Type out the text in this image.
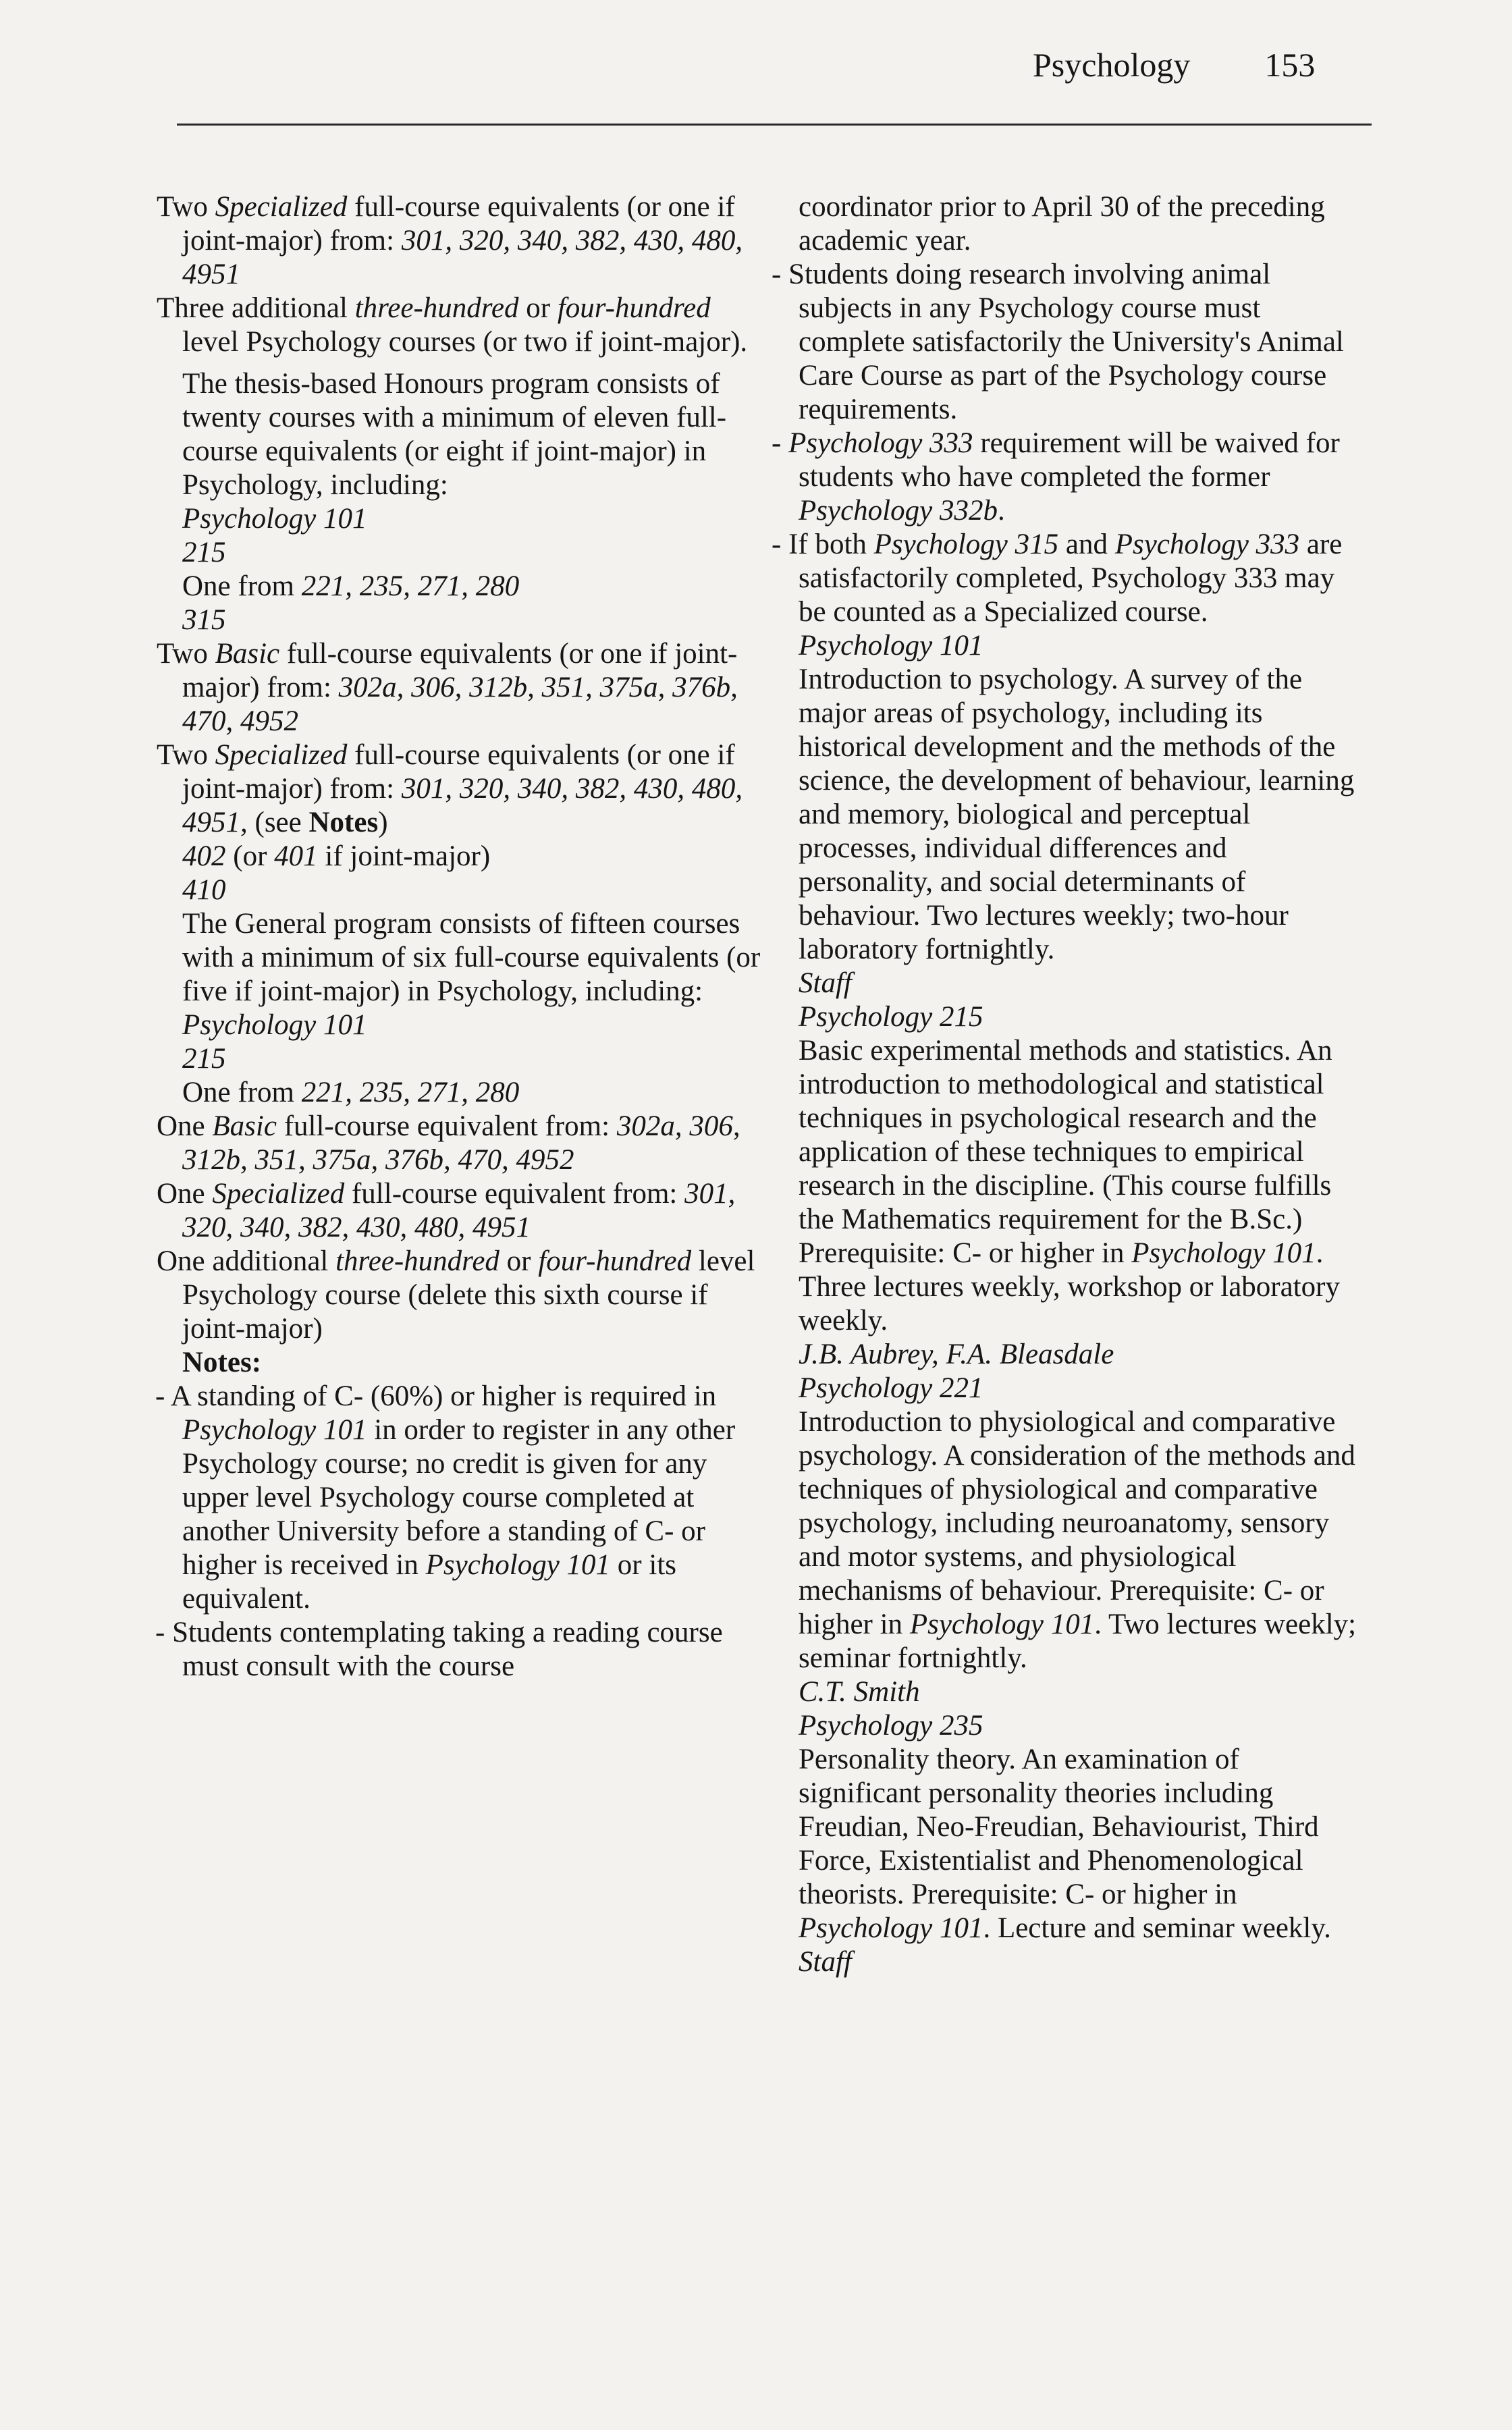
Psychology 153

Two Specialized full-course equivalents (or one if joint-major) from: 301, 320, 340, 382, 430, 480, 4951

Three additional three-hundred or four-hundred level Psychology courses (or two if joint-major).

The thesis-based Honours program consists of twenty courses with a minimum of eleven full-course equivalents (or eight if joint-major) in Psychology, including:

Psychology 101

215

One from 221, 235, 271, 280

315

Two Basic full-course equivalents (or one if joint-major) from: 302a, 306, 312b, 351, 375a, 376b, 470, 4952

Two Specialized full-course equivalents (or one if joint-major) from: 301, 320, 340, 382, 430, 480, 4951, (see Notes)

402 (or 401 if joint-major)

410

The General program consists of fifteen courses with a minimum of six full-course equivalents (or five if joint-major) in Psychology, including:

Psychology 101

215

One from 221, 235, 271, 280

One Basic full-course equivalent from: 302a, 306, 312b, 351, 375a, 376b, 470, 4952

One Specialized full-course equivalent from: 301, 320, 340, 382, 430, 480, 4951

One additional three-hundred or four-hundred level Psychology course (delete this sixth course if joint-major)

Notes:

- A standing of C- (60%) or higher is required in Psychology 101 in order to register in any other Psychology course; no credit is given for any upper level Psychology course completed at another University before a standing of C- or higher is received in Psychology 101 or its equivalent.

- Students contemplating taking a reading course must consult with the course

coordinator prior to April 30 of the preceding academic year.

- Students doing research involving animal subjects in any Psychology course must complete satisfactorily the University's Animal Care Course as part of the Psychology course requirements.

- Psychology 333 requirement will be waived for students who have completed the former Psychology 332b.

- If both Psychology 315 and Psychology 333 are satisfactorily completed, Psychology 333 may be counted as a Specialized course.

Psychology 101

Introduction to psychology. A survey of the major areas of psychology, including its historical development and the methods of the science, the development of behaviour, learning and memory, biological and perceptual processes, individual differences and personality, and social determinants of behaviour. Two lectures weekly; two-hour laboratory fortnightly.

Staff

Psychology 215

Basic experimental methods and statistics. An introduction to methodological and statistical techniques in psychological research and the application of these techniques to empirical research in the discipline. (This course fulfills the Mathematics requirement for the B.Sc.) Prerequisite: C- or higher in Psychology 101. Three lectures weekly, workshop or laboratory weekly.

J.B. Aubrey, F.A. Bleasdale

Psychology 221

Introduction to physiological and comparative psychology. A consideration of the methods and techniques of physiological and comparative psychology, including neuroanatomy, sensory and motor systems, and physiological mechanisms of behaviour. Prerequisite: C- or higher in Psychology 101. Two lectures weekly; seminar fortnightly.

C.T. Smith

Psychology 235

Personality theory. An examination of significant personality theories including Freudian, Neo-Freudian, Behaviourist, Third Force, Existentialist and Phenomenological theorists. Prerequisite: C- or higher in Psychology 101. Lecture and seminar weekly.

Staff
